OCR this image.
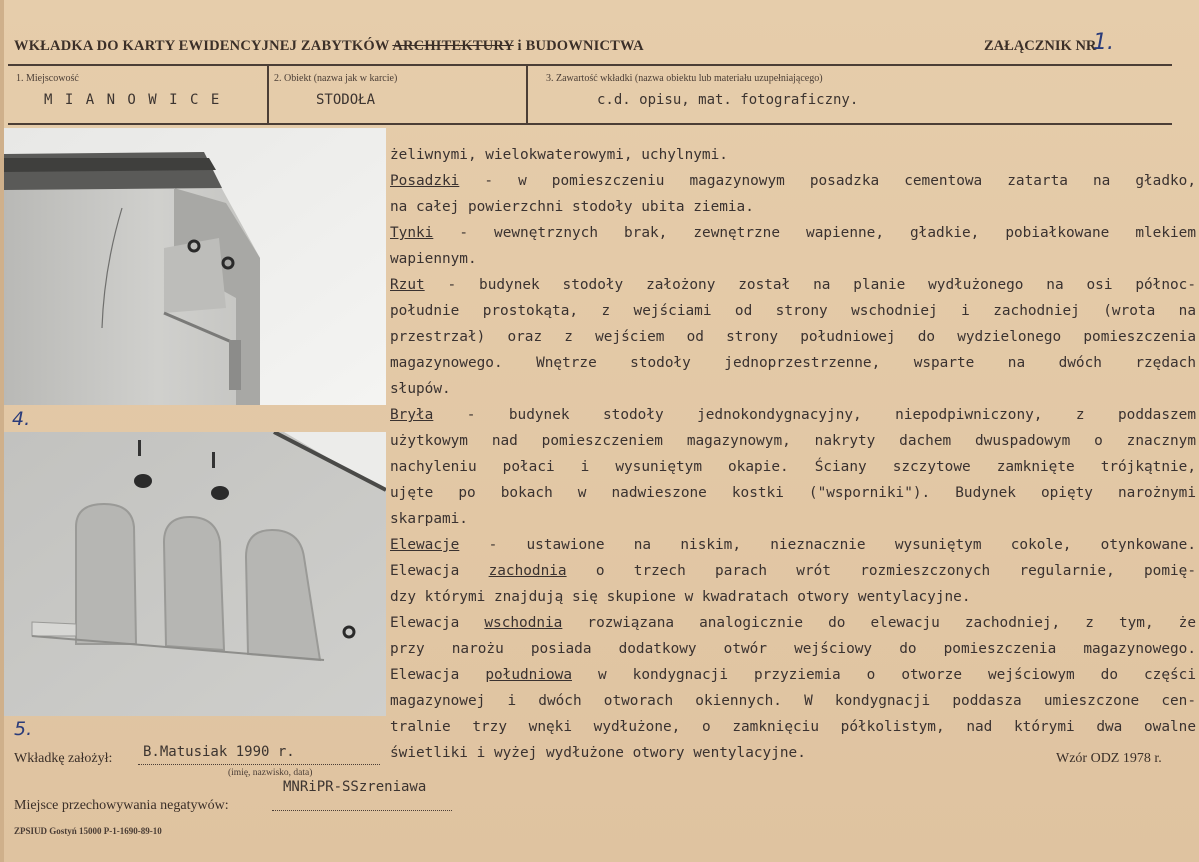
WKŁADKA DO KARTY EWIDENCYJNEJ ZABYTKÓW ARCHITEKTURY i BUDOWNICTWA	ZAŁĄCZNIK NR
1.
1. Miejscowość
M I A N O W I C E
2. Obiekt (nazwa jak w karcie)
STODOŁA
3. Zawartość wkładki (nazwa obiektu lub materiału uzupełniającego)
c.d. opisu, mat. fotograficzny.
4.
5.
żeliwnymi, wielokwaterowymi, uchylnymi.
Posadzki - w pomieszczeniu magazynowym posadzka cementowa zatarta na gładko,
na całej powierzchni stodoły ubita ziemia.
Tynki - wewnętrznych brak, zewnętrzne wapienne, gładkie, pobiałkowane mlekiem
wapiennym.
Rzut - budynek stodoły założony został na planie wydłużonego na osi północ-
południe prostokąta, z wejściami od strony wschodniej i zachodniej (wrota na
przestrzał) oraz z wejściem od strony południowej do wydzielonego pomieszczenia
magazynowego. Wnętrze stodoły jednoprzestrzenne, wsparte na dwóch rzędach
słupów.
Bryła - budynek stodoły jednokondygnacyjny, niepodpiwniczony, z poddaszem
użytkowym nad pomieszczeniem magazynowym, nakryty dachem dwuspadowym o znacznym
nachyleniu połaci i wysuniętym okapie. Ściany szczytowe zamknięte trójkątnie,
ujęte po bokach w nadwieszone kostki ("wsporniki"). Budynek opięty narożnymi
skarpami.
Elewacje - ustawione na niskim, nieznacznie wysuniętym cokole, otynkowane.
Elewacja zachodnia o trzech parach wrót rozmieszczonych regularnie, pomię-
dzy którymi znajdują się skupione w kwadratach otwory wentylacyjne.
Elewacja wschodnia rozwiązana analogicznie do elewacju zachodniej, z tym, że
przy narożu posiada dodatkowy otwór wejściowy do pomieszczenia magazynowego.
Elewacja południowa w kondygnacji przyziemia o otworze wejściowym do części
magazynowej i dwóch otworach okiennych. W kondygnacji poddasza umieszczone cen-
tralnie trzy wnęki wydłużone, o zamknięciu półkolistym, nad którymi dwa owalne
świetliki i wyżej wydłużone otwory wentylacyjne.
Wkładkę założył: B.Matusiak 1990 r.
(imię, nazwisko, data)
MNRiPR-SSzreniawa
Miejsce przechowywania negatywów:
Wzór ODZ 1978 r.
ZPSIUD Gostyń 15000 P-1-1690-89-10
